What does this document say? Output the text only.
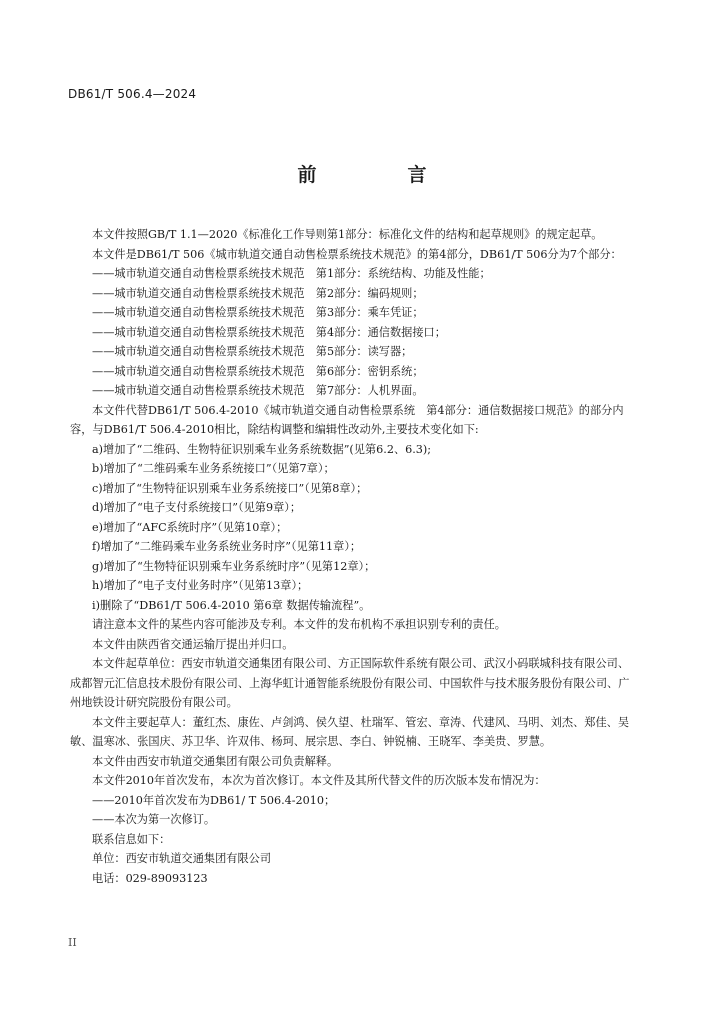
DB61/T 506.4—2024
前　言

本文件按照GB/T 1.1—2020《标准化工作导则第1部分：标准化文件的结构和起草规则》的规定起草。

本文件是DB61/T 506《城市轨道交通自动售检票系统技术规范》的第4部分，DB61/T 506分为7个部分：

——城市轨道交通自动售检票系统技术规范　第1部分：系统结构、功能及性能；

——城市轨道交通自动售检票系统技术规范　第2部分：编码规则；

——城市轨道交通自动售检票系统技术规范　第3部分：乘车凭证；

——城市轨道交通自动售检票系统技术规范　第4部分：通信数据接口；

——城市轨道交通自动售检票系统技术规范　第5部分：读写器；

——城市轨道交通自动售检票系统技术规范　第6部分：密钥系统；

——城市轨道交通自动售检票系统技术规范　第7部分：人机界面。

本文件代替DB61/T 506.4-2010《城市轨道交通自动售检票系统　第4部分：通信数据接口规范》的部分内容，与DB61/T 506.4-2010相比，除结构调整和编辑性改动外,主要技术变化如下:

a)增加了“二维码、生物特征识别乘车业务系统数据”(见第6.2、6.3);

b)增加了“二维码乘车业务系统接口”（见第7章）；

c)增加了“生物特征识别乘车业务系统接口”（见第8章）；

d)增加了“电子支付系统接口”（见第9章）；

e)增加了“AFC系统时序”（见第10章）；

f)增加了“二维码乘车业务系统业务时序”（见第11章）；

g)增加了“生物特征识别乘车业务系统时序”（见第12章）；

h)增加了“电子支付业务时序”（见第13章）；

i)删除了“DB61/T 506.4-2010 第6章 数据传输流程”。

请注意本文件的某些内容可能涉及专利。本文件的发布机构不承担识别专利的责任。

本文件由陕西省交通运输厅提出并归口。

本文件起草单位：西安市轨道交通集团有限公司、方正国际软件系统有限公司、武汉小码联城科技有限公司、成都智元汇信息技术股份有限公司、上海华虹计通智能系统股份有限公司、中国软件与技术服务股份有限公司、广州地铁设计研究院股份有限公司。

本文件主要起草人：董红杰、康佐、卢剑鸿、侯久望、杜瑞军、管宏、章涛、代建风、马明、刘杰、郑佳、吴敏、温寒冰、张国庆、苏卫华、许双伟、杨珂、展宗思、李白、钟锐楠、王晓军、李美贵、罗慧。

本文件由西安市轨道交通集团有限公司负责解释。

本文件2010年首次发布，本次为首次修订。本文件及其所代替文件的历次版本发布情况为：

——2010年首次发布为DB61/ T 506.4-2010；

——本次为第一次修订。

联系信息如下：

单位：西安市轨道交通集团有限公司

电话：029-89093123

II
